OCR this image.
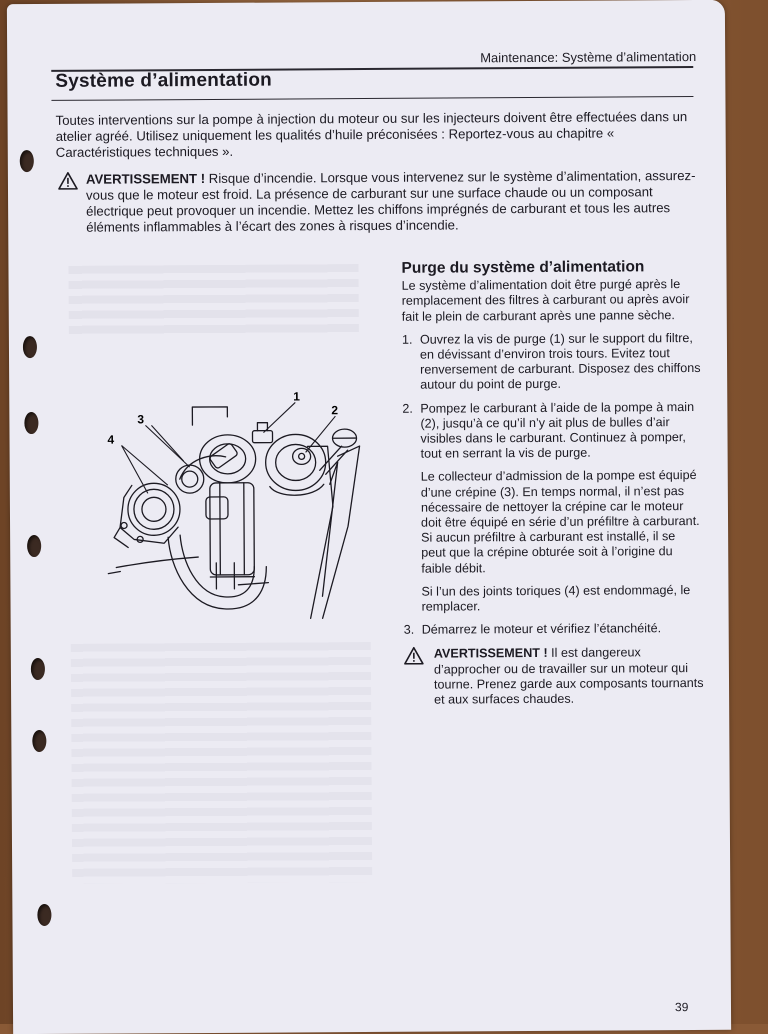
Maintenance: Système d’alimentation
Système d’alimentation
Toutes interventions sur la pompe à injection du moteur ou sur les injecteurs doivent être effectuées dans un atelier agréé. Utilisez uniquement les qualités d’huile préconisées : Reportez-vous au chapitre « Caractéristiques techniques ».
AVERTISSEMENT ! Risque d’incendie. Lorsque vous intervenez sur le système d’alimentation, assurez-vous que le moteur est froid. La présence de carburant sur une surface chaude ou un composant électrique peut provoquer un incendie. Mettez les chiffons imprégnés de carburant et tous les autres éléments inflammables à l’écart des zones à risques d’incendie.
1
2
3
4
Purge du système d’alimentation
Le système d’alimentation doit être purgé après le remplacement des filtres à carburant ou après avoir fait le plein de carburant après une panne sèche.
1. Ouvrez la vis de purge (1) sur le support du filtre, en dévissant d’environ trois tours. Evitez tout renversement de carburant. Disposez des chiffons autour du point de purge.
2. Pompez le carburant à l’aide de la pompe à main (2), jusqu’à ce qu’il n’y ait plus de bulles d’air visibles dans le carburant. Continuez à pomper, tout en serrant la vis de purge.
Le collecteur d’admission de la pompe est équipé d’une crépine (3). En temps normal, il n’est pas nécessaire de nettoyer la crépine car le moteur doit être équipé en série d’un préfiltre à carburant. Si aucun préfiltre à carburant est installé, il se peut que la crépine obturée soit à l’origine du faible débit.
Si l’un des joints toriques (4) est endommagé, le remplacer.
3. Démarrez le moteur et vérifiez l’étanchéité.
AVERTISSEMENT ! Il est dangereux d’approcher ou de travailler sur un moteur qui tourne. Prenez garde aux composants tournants et aux surfaces chaudes.
39
